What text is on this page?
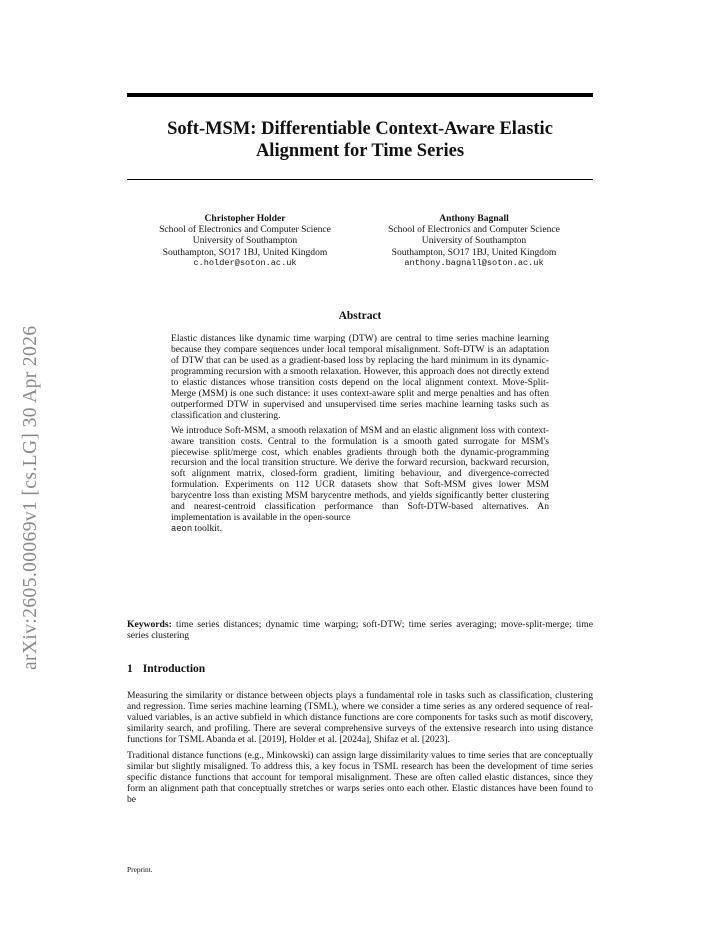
arXiv:2605.00069v1 [cs.LG] 30 Apr 2026
Soft-MSM: Differentiable Context-Aware Elastic Alignment for Time Series
Christopher Holder
School of Electronics and Computer Science
University of Southampton
Southampton, SO17 1BJ, United Kingdom
c.holder@soton.ac.uk
Anthony Bagnall
School of Electronics and Computer Science
University of Southampton
Southampton, SO17 1BJ, United Kingdom
anthony.bagnall@soton.ac.uk
Abstract

Elastic distances like dynamic time warping (DTW) are central to time series machine learning because they compare sequences under local temporal misalignment. Soft-DTW is an adaptation of DTW that can be used as a gradient-based loss by replacing the hard minimum in its dynamic-programming recursion with a smooth relaxation. However, this approach does not directly extend to elastic distances whose transition costs depend on the local alignment context. Move-Split-Merge (MSM) is one such distance: it uses context-aware split and merge penalties and has often outperformed DTW in supervised and unsupervised time series machine learning tasks such as classification and clustering.

We introduce Soft-MSM, a smooth relaxation of MSM and an elastic alignment loss with context-aware transition costs. Central to the formulation is a smooth gated surrogate for MSM's piecewise split/merge cost, which enables gradients through both the dynamic-programming recursion and the local transition structure. We derive the forward recursion, backward recursion, soft alignment matrix, closed-form gradient, limiting behaviour, and divergence-corrected formulation. Experiments on 112 UCR datasets show that Soft-MSM gives lower MSM barycentre loss than existing MSM barycentre methods, and yields significantly better clustering and nearest-centroid classification performance than Soft-DTW-based alternatives. An implementation is available in the open-source
aeon toolkit.

Keywords: time series distances; dynamic time warping; soft-DTW; time series averaging; move-split-merge; time series clustering
1 Introduction

Measuring the similarity or distance between objects plays a fundamental role in tasks such as classification, clustering and regression. Time series machine learning (TSML), where we consider a time series as any ordered sequence of real-valued variables, is an active subfield in which distance functions are core components for tasks such as motif discovery, similarity search, and profiling. There are several comprehensive surveys of the extensive research into using distance functions for TSML Abanda et al. [2019], Holder et al. [2024a], Shifaz et al. [2023].

Traditional distance functions (e.g., Minkowski) can assign large dissimilarity values to time series that are conceptually similar but slightly misaligned. To address this, a key focus in TSML research has been the development of time series specific distance functions that account for temporal misalignment. These are often called elastic distances, since they form an alignment path that conceptually stretches or warps series onto each other. Elastic distances have been found to be

Preprint.
